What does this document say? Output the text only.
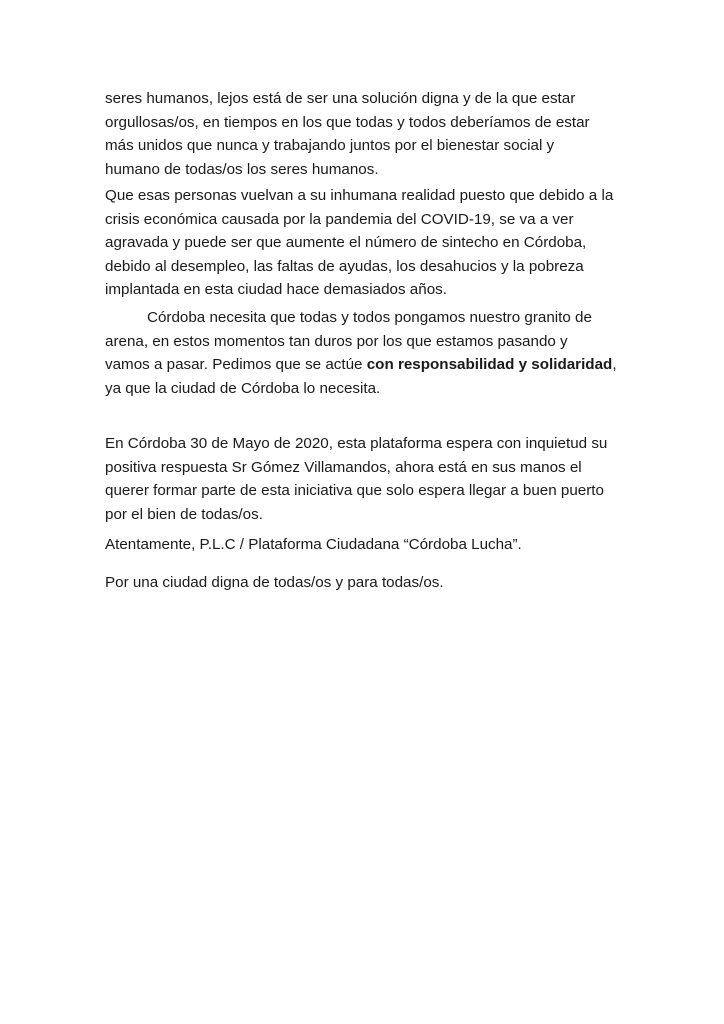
seres humanos, lejos está de ser una solución digna y de la que estar
orgullosas/os, en tiempos en los que todas y todos deberíamos de estar
más unidos que nunca y trabajando juntos por el bienestar social y
humano de todas/os los seres humanos.
Que esas personas vuelvan a su inhumana realidad puesto que debido a la
crisis económica causada por la pandemia del COVID-19, se va a ver
agravada y puede ser que aumente el número de sintecho en Córdoba,
debido al desempleo, las faltas de ayudas, los desahucios y la pobreza
implantada en esta ciudad hace demasiados años.
Córdoba necesita que todas y todos pongamos nuestro granito de
arena, en estos momentos tan duros por los que estamos pasando y
vamos a pasar. Pedimos que se actúe con responsabilidad y solidaridad,
ya que la ciudad de Córdoba lo necesita.
En Córdoba 30 de Mayo de 2020, esta plataforma espera con inquietud su
positiva respuesta Sr Gómez Villamandos, ahora está en sus manos el
querer formar parte de esta iniciativa que solo espera llegar a buen puerto
por el bien de todas/os.
Atentamente, P.L.C / Plataforma Ciudadana “Córdoba Lucha”.
Por una ciudad digna de todas/os y para todas/os.
